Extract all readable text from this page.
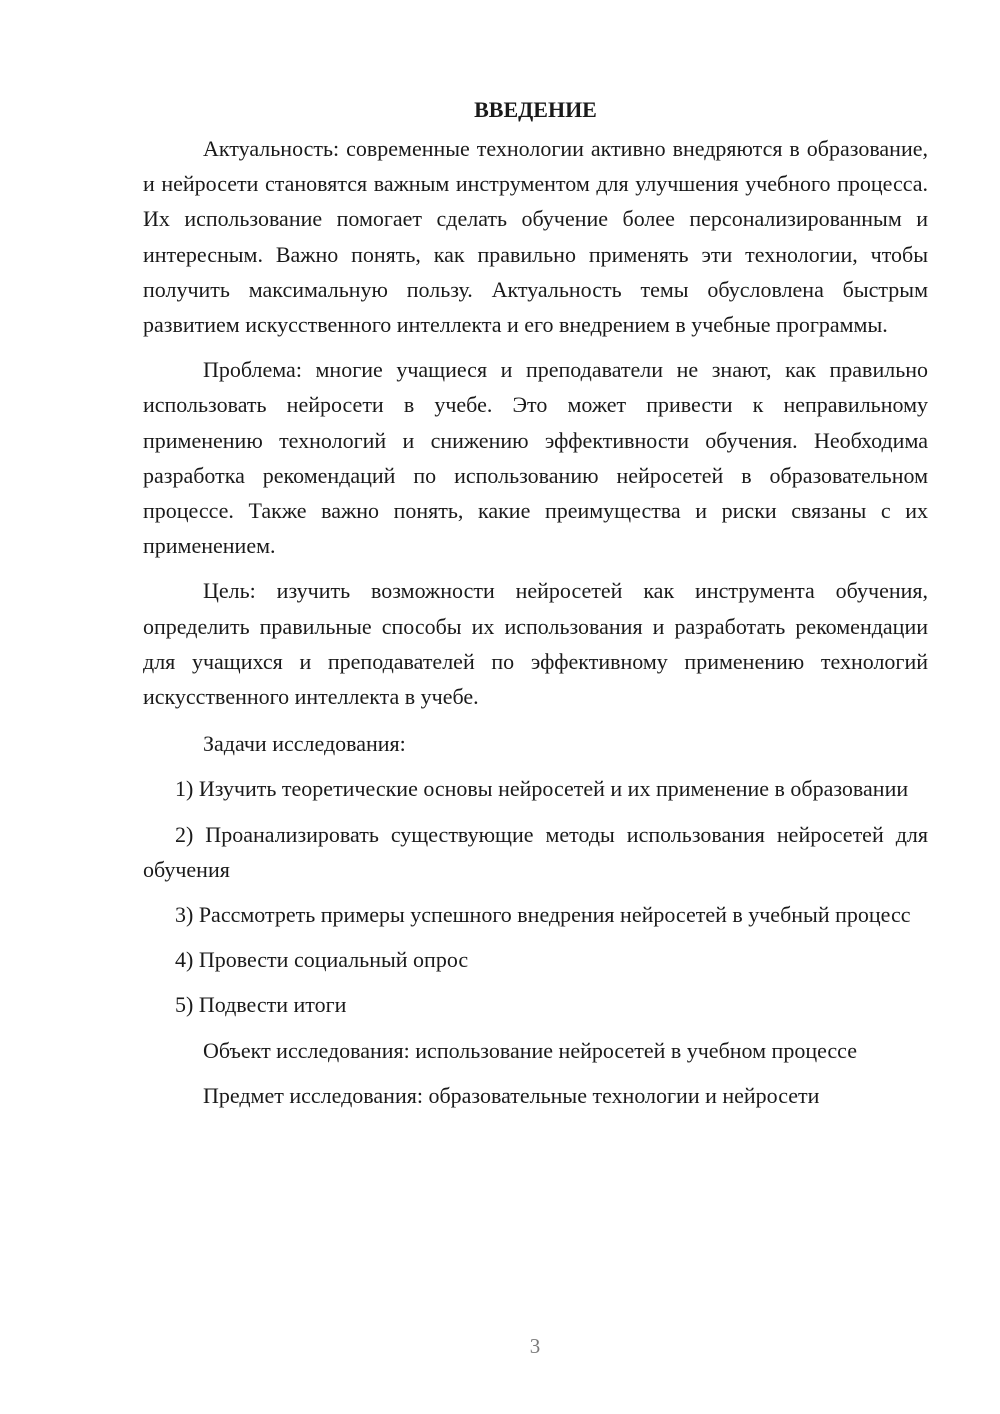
ВВЕДЕНИЕ

Актуальность: современные технологии активно внедряются в образование, и нейросети становятся важным инструментом для улучшения учебного процесса. Их использование помогает сделать обучение более персонализированным и интересным. Важно понять, как правильно применять эти технологии, чтобы получить максимальную пользу. Актуальность темы обусловлена быстрым развитием искусственного интеллекта и его внедрением в учебные программы.

Проблема: многие учащиеся и преподаватели не знают, как правильно использовать нейросети в учебе. Это может привести к неправильному применению технологий и снижению эффективности обучения. Необходима разработка рекомендаций по использованию нейросетей в образовательном процессе. Также важно понять, какие преимущества и риски связаны с их применением.

Цель: изучить возможности нейросетей как инструмента обучения, определить правильные способы их использования и разработать рекомендации для учащихся и преподавателей по эффективному применению технологий искусственного интеллекта в учебе.

Задачи исследования:

1) Изучить теоретические основы нейросетей и их применение в образовании

2) Проанализировать существующие методы использования нейросетей для обучения

3) Рассмотреть примеры успешного внедрения нейросетей в учебный процесс

4) Провести социальный опрос

5) Подвести итоги

Объект исследования: использование нейросетей в учебном процессе

Предмет исследования: образовательные технологии и нейросети

3
